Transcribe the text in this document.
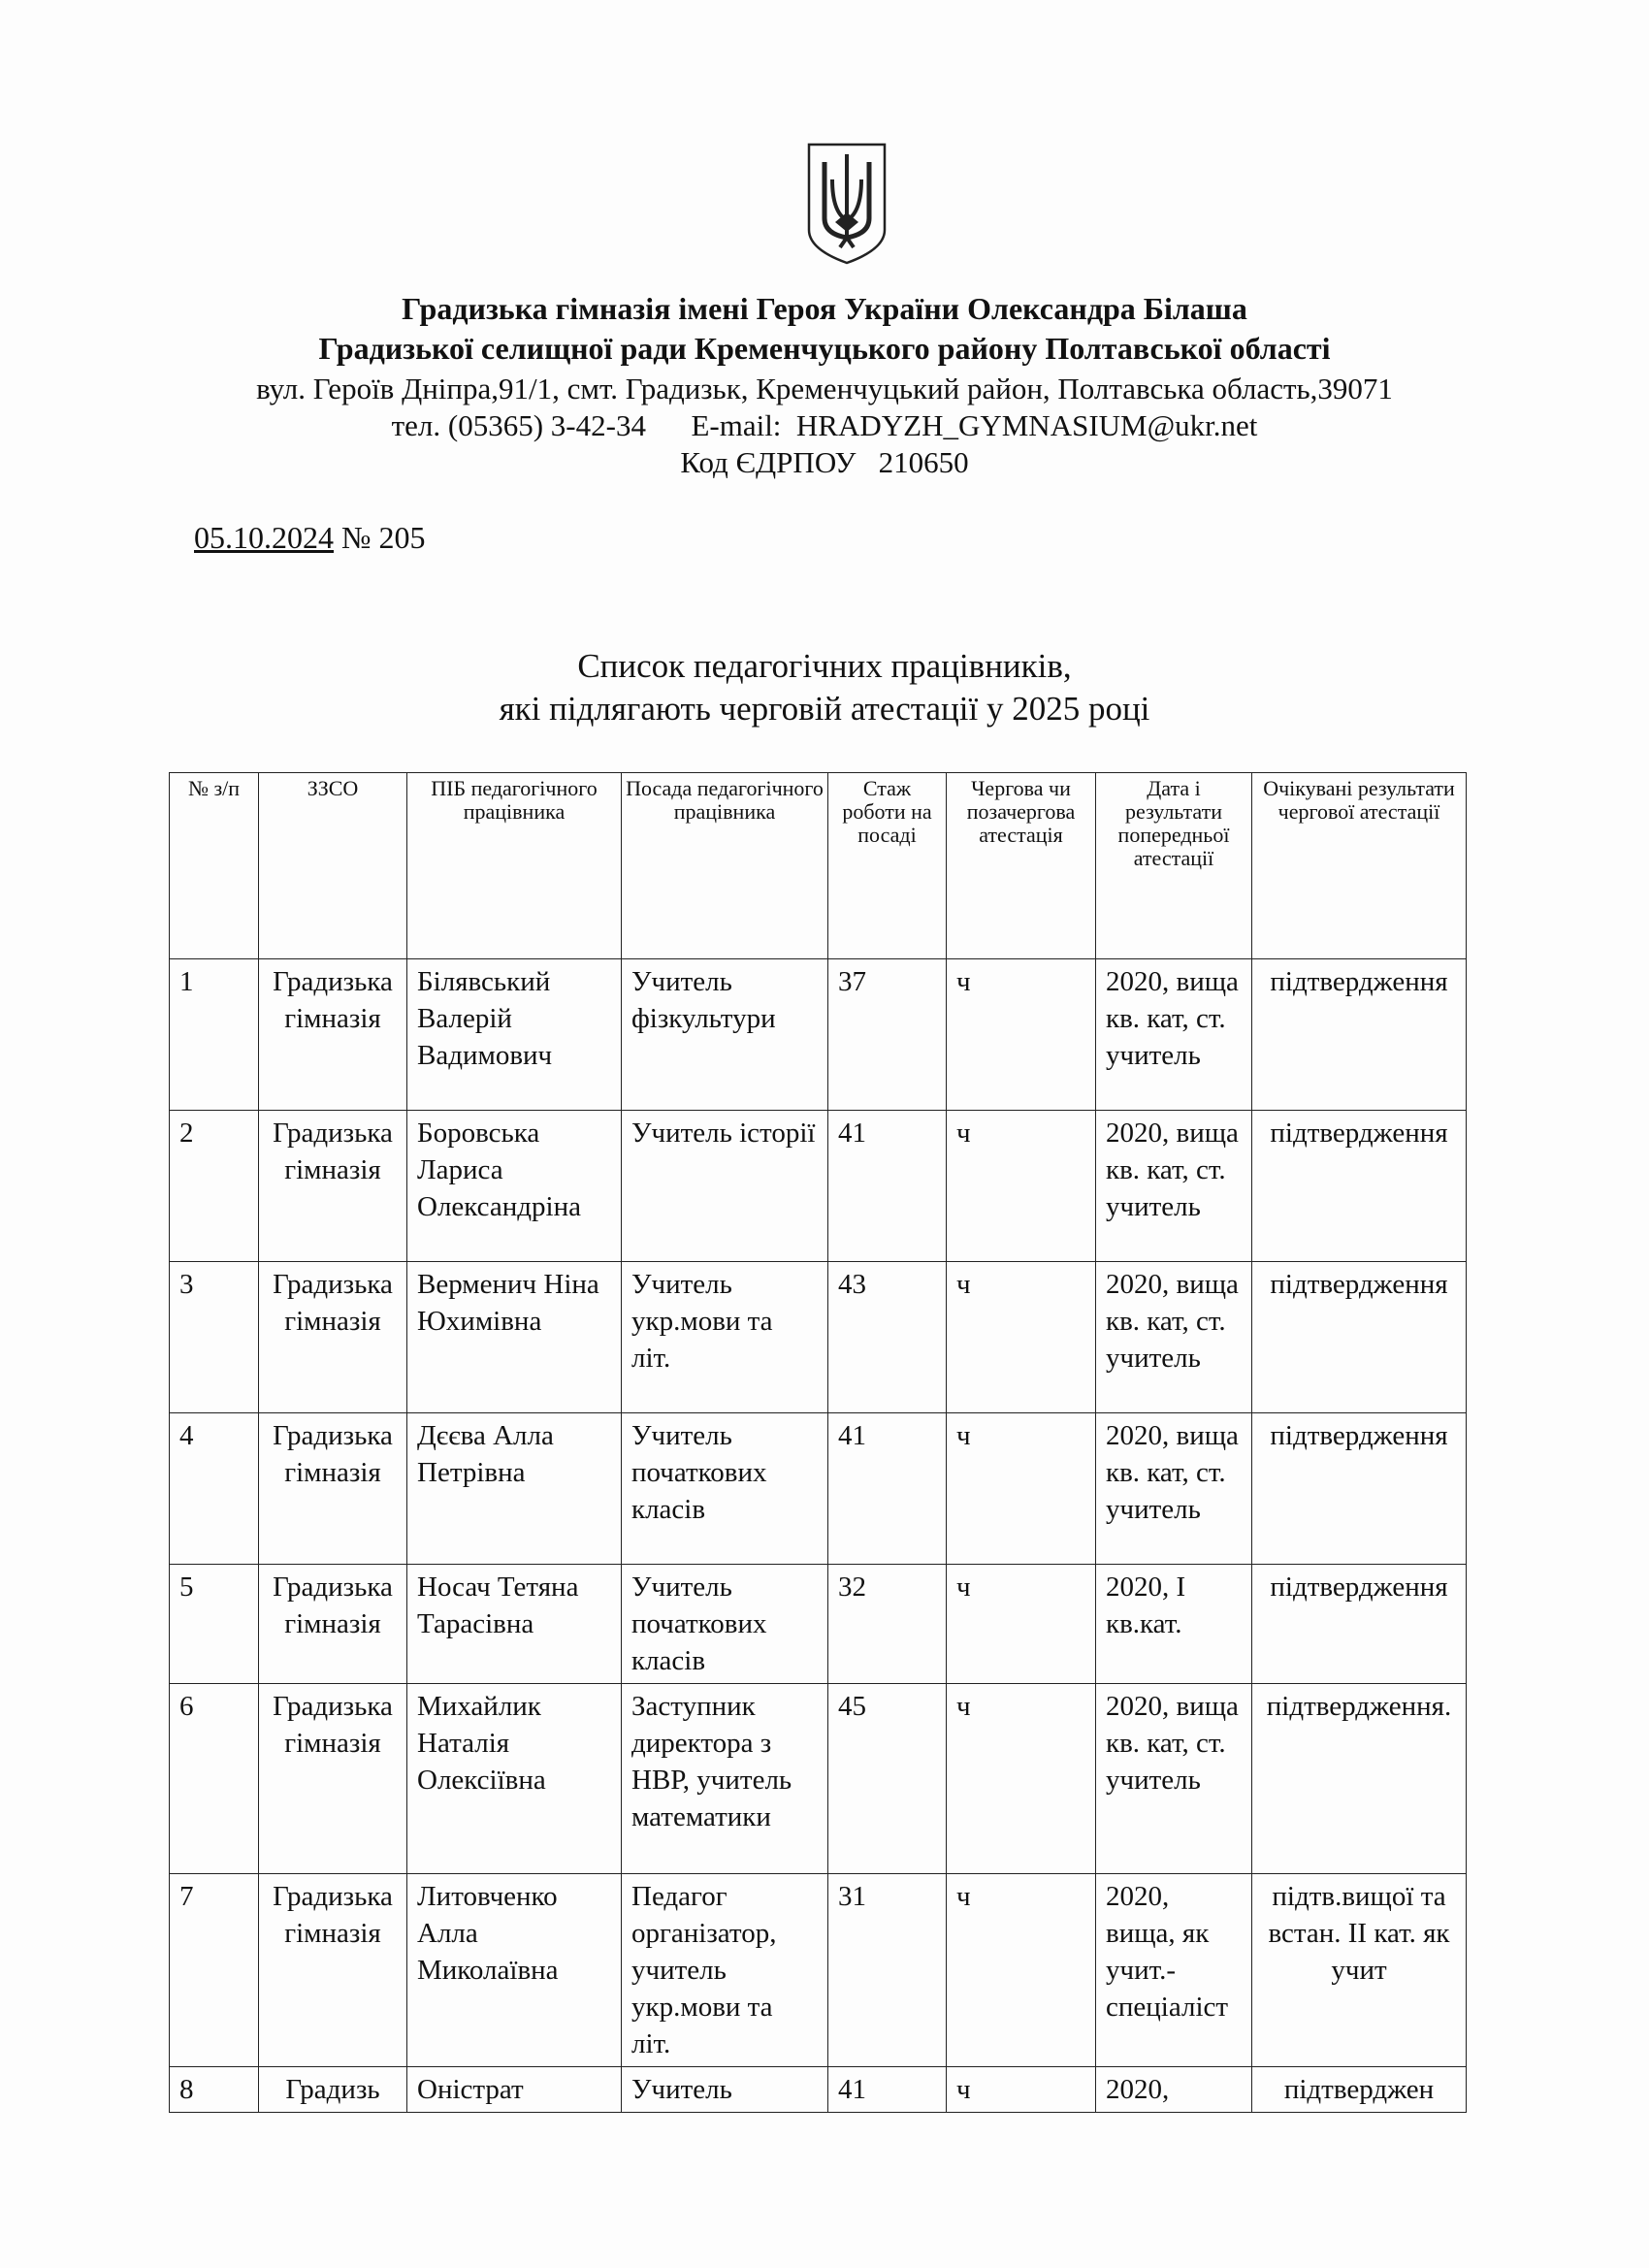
Градизька гімназія імені Героя України Олександра Білаша
Градизької селищної ради Кременчуцького району Полтавської області
вул. Героїв Дніпра,91/1, смт. Градизьк, Кременчуцький район, Полтавська область,39071
тел. (05365) 3-42-34      E-mail:  HRADYZH_GYMNASIUM@ukr.net
Код ЄДРПОУ   210650
05.10.2024 № 205
Список педагогічних працівників,
які підлягають черговій атестації у 2025 році
№ з/п	ЗЗСО	ПІБ педагогічного працівника	Посада педагогічного працівника	Стаж роботи на посаді	Чергова чи позачергова атестація	Дата і результати попередньої атестації	Очікувані результати чергової атестації
1	Градизька гімназія	Білявський Валерій Вадимович	Учитель фізкультури	37	ч	2020, вища кв. кат, ст. учитель	підтвердження
2	Градизька гімназія	Боровська Лариса Олександріна	Учитель історії	41	ч	2020, вища кв. кат, ст. учитель	підтвердження
3	Градизька гімназія	Верменич Ніна Юхимівна	Учитель укр.мови та літ.	43	ч	2020, вища кв. кат, ст. учитель	підтвердження
4	Градизька гімназія	Дєєва Алла Петрівна	Учитель початкових класів	41	ч	2020, вища кв. кат, ст. учитель	підтвердження
5	Градизька гімназія	Носач Тетяна Тарасівна	Учитель початкових класів	32	ч	2020, І кв.кат.	підтвердження
6	Градизька гімназія	Михайлик Наталія Олексіївна	Заступник директора з НВР, учитель математики	45	ч	2020, вища кв. кат, ст. учитель	підтвердження.
7	Градизька гімназія	Литовченко Алла Миколаївна	Педагог організатор, учитель укр.мови та літ.	31	ч	2020, вища, як учит.-спеціаліст	підтв.вищої та встан. ІІ кат. як учит
8	Градизь	Оністрат	Учитель	41	ч	2020,	підтверджен
